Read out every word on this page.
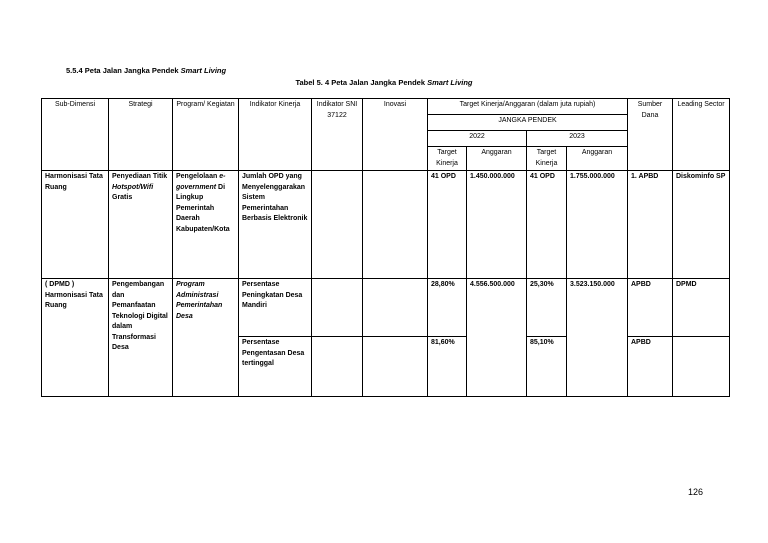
5.5.4 Peta Jalan Jangka Pendek Smart Living
Tabel 5. 4 Peta Jalan Jangka Pendek Smart Living
Sub-Dimensi	Strategi	Program/ Kegiatan	Indikator Kinerja	Indikator SNI 37122	Inovasi	Target Kinerja/Anggaran (dalam juta rupiah)				Sumber Dana	Leading Sector
						JANGKA PENDEK					
						2022		2023			
						Target Kinerja	Anggaran	Target Kinerja	Anggaran		
Harmonisasi Tata Ruang	Penyediaan Titik Hotspot/Wifi Gratis	Pengelolaan e-government Di Lingkup Pemerintah Daerah Kabupaten/Kota	Jumlah OPD yang Menyelenggarakan Sistem Pemerintahan Berbasis Elektronik			41 OPD	1.450.000.000	41 OPD	1.755.000.000	1. APBD	Diskominfo SP
( DPMD ) Harmonisasi Tata Ruang	Pengembangan dan Pemanfaatan Teknologi Digital dalam Transformasi Desa	Program Administrasi Pemerintahan Desa	Persentase Peningkatan Desa Mandiri			28,80%	4.556.500.000	25,30%	3.523.150.000	APBD	DPMD
			Persentase Pengentasan Desa tertinggal			81,60%		85,10%		APBD	
126
